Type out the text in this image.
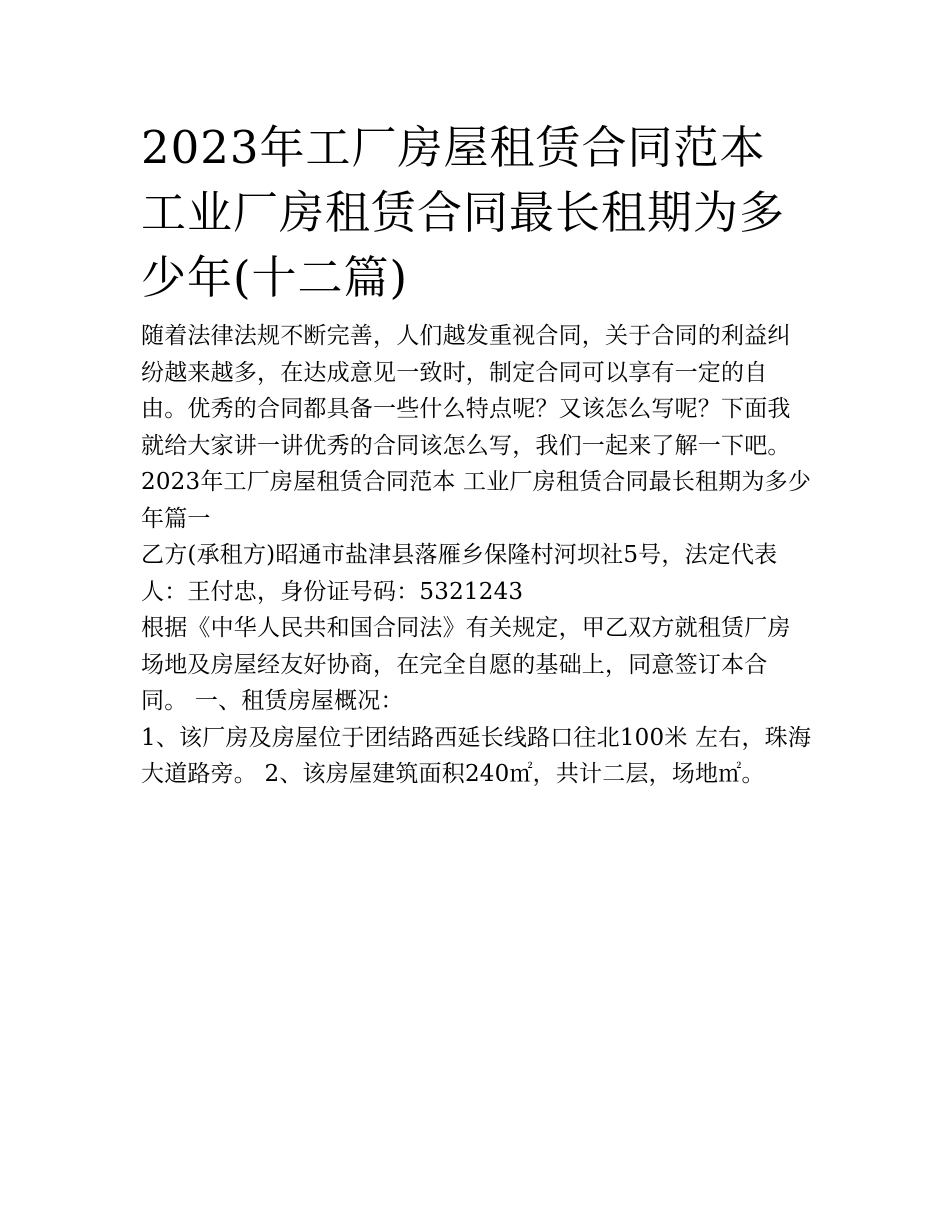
2023年工厂房屋租赁合同范本 工业厂房租赁合同最长租期为多少年(十二篇)

随着法律法规不断完善，人们越发重视合同，关于合同的利益纠纷越来越多，在达成意见一致时，制定合同可以享有一定的自由。优秀的合同都具备一些什么特点呢？又该怎么写呢？下面我就给大家讲一讲优秀的合同该怎么写，我们一起来了解一下吧。

2023年工厂房屋租赁合同范本 工业厂房租赁合同最长租期为多少年篇一

乙方(承租方)昭通市盐津县落雁乡保隆村河坝社5号，法定代表人：王付忠，身份证号码：5321243

根据《中华人民共和国合同法》有关规定，甲乙双方就租赁厂房场地及房屋经友好协商，在完全自愿的基础上，同意签订本合同。 一、租赁房屋概况：

1、该厂房及房屋位于团结路西延长线路口往北100米 左右，珠海大道路旁。 2、该房屋建筑面积240㎡，共计二层，场地㎡。
